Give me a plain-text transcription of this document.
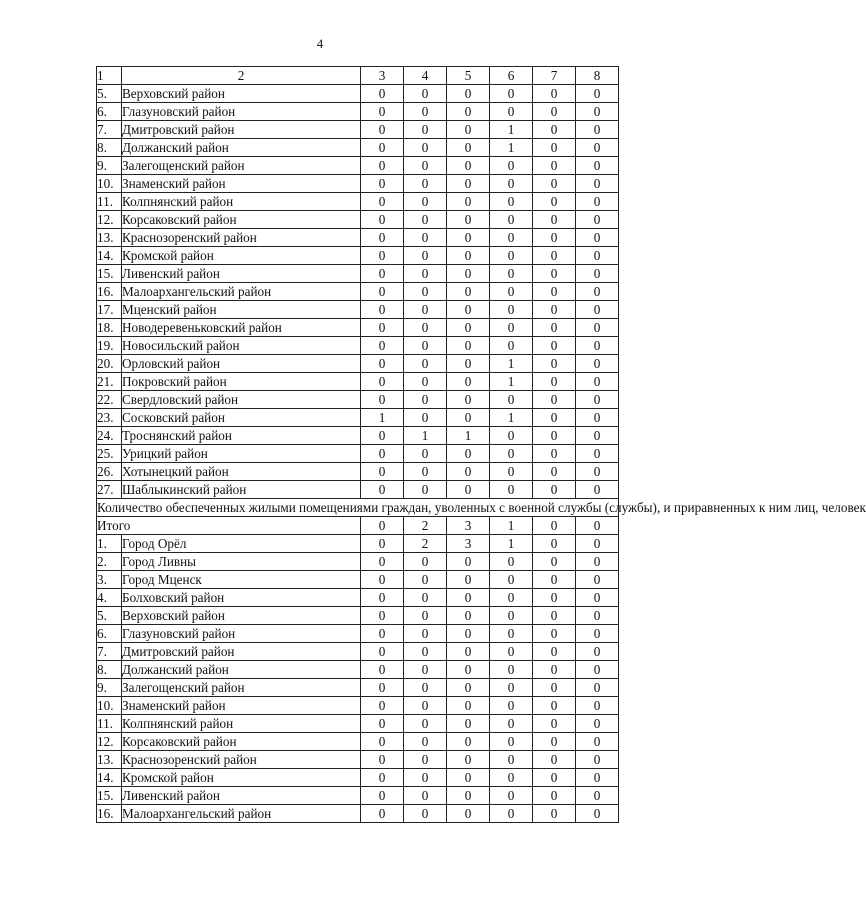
4
1	2	3	4	5	6	7	8
5.	Верховский район	0	0	0	0	0	0
6.	Глазуновский район	0	0	0	0	0	0
7.	Дмитровский район	0	0	0	1	0	0
8.	Должанский район	0	0	0	1	0	0
9.	Залегощенский район	0	0	0	0	0	0
10.	Знаменский район	0	0	0	0	0	0
11.	Колпнянский район	0	0	0	0	0	0
12.	Корсаковский район	0	0	0	0	0	0
13.	Краснозоренский район	0	0	0	0	0	0
14.	Кромской район	0	0	0	0	0	0
15.	Ливенский район	0	0	0	0	0	0
16.	Малоархангельский район	0	0	0	0	0	0
17.	Мценский район	0	0	0	0	0	0
18.	Новодеревеньковский район	0	0	0	0	0	0
19.	Новосильский район	0	0	0	0	0	0
20.	Орловский район	0	0	0	1	0	0
21.	Покровский район	0	0	0	1	0	0
22.	Свердловский район	0	0	0	0	0	0
23.	Сосковский район	1	0	0	1	0	0
24.	Троснянский район	0	1	1	0	0	0
25.	Урицкий район	0	0	0	0	0	0
26.	Хотынецкий район	0	0	0	0	0	0
27.	Шаблыкинский район	0	0	0	0	0	0
Количество обеспеченных жилыми помещениями граждан, уволенных с военной службы (службы), и приравненных к ним лиц, человек							
Итого		0	2	3	1	0	0
1.	Город Орёл	0	2	3	1	0	0
2.	Город Ливны	0	0	0	0	0	0
3.	Город Мценск	0	0	0	0	0	0
4.	Болховский район	0	0	0	0	0	0
5.	Верховский район	0	0	0	0	0	0
6.	Глазуновский район	0	0	0	0	0	0
7.	Дмитровский район	0	0	0	0	0	0
8.	Должанский район	0	0	0	0	0	0
9.	Залегощенский район	0	0	0	0	0	0
10.	Знаменский район	0	0	0	0	0	0
11.	Колпнянский район	0	0	0	0	0	0
12.	Корсаковский район	0	0	0	0	0	0
13.	Краснозоренский район	0	0	0	0	0	0
14.	Кромской район	0	0	0	0	0	0
15.	Ливенский район	0	0	0	0	0	0
16.	Малоархангельский район	0	0	0	0	0	0
